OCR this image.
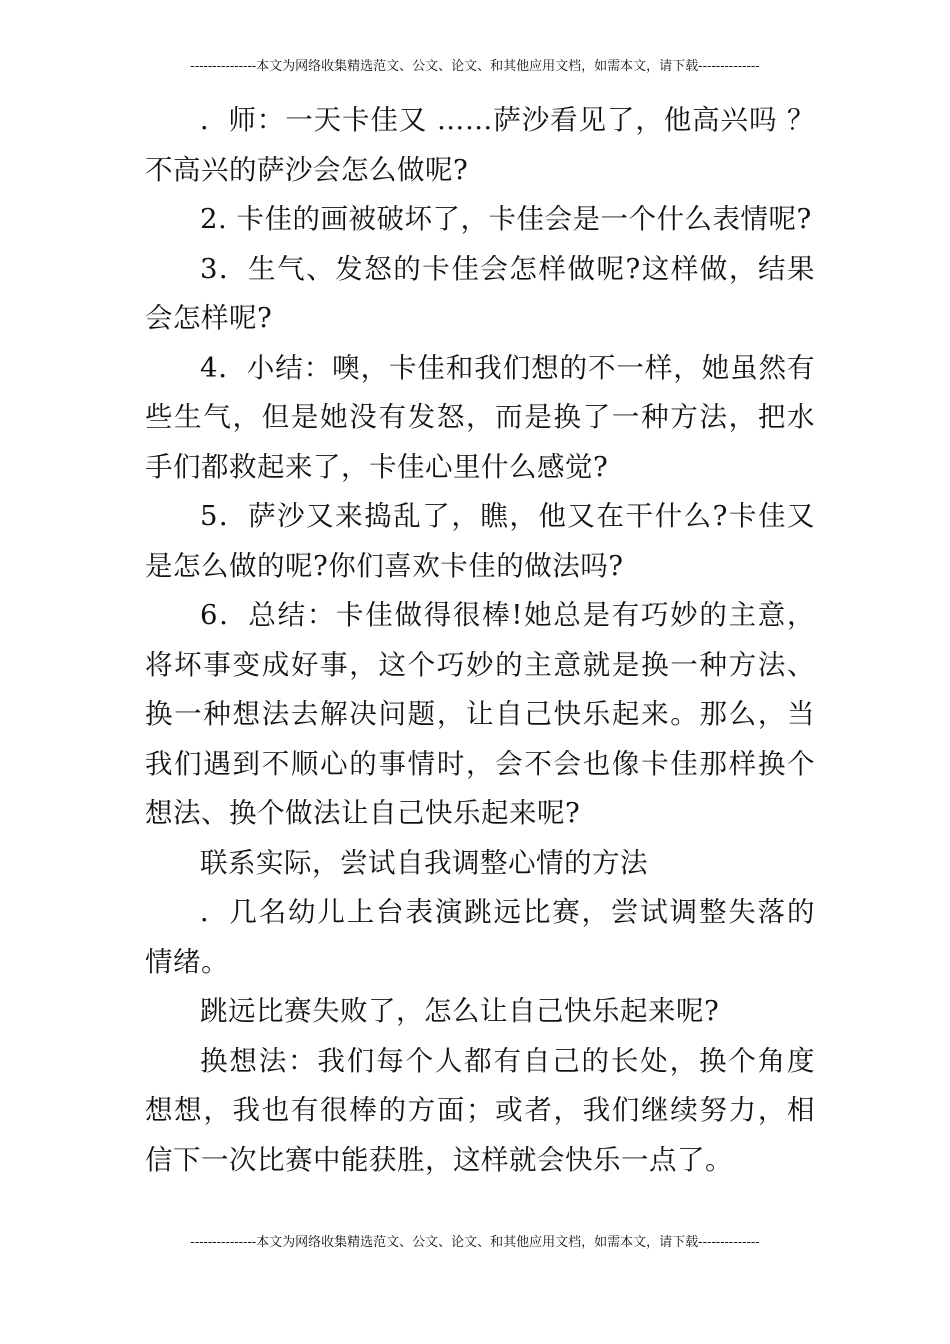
---------------本文为网络收集精选范文、公文、论文、和其他应用文档，如需本文，请下载--------------

．师：一天卡佳又 ……萨沙看见了，他高兴吗 ？不高兴的萨沙会怎么做呢?

2. 卡佳的画被破坏了，卡佳会是一个什么表情呢?

3．生气、发怒的卡佳会怎样做呢?这样做，结果会怎样呢?

4．小结：噢，卡佳和我们想的不一样，她虽然有些生气，但是她没有发怒，而是换了一种方法，把水手们都救起来了，卡佳心里什么感觉?

5．萨沙又来捣乱了，瞧，他又在干什么?卡佳又是怎么做的呢?你们喜欢卡佳的做法吗?

6．总结：卡佳做得很棒!她总是有巧妙的主意，将坏事变成好事，这个巧妙的主意就是换一种方法、换一种想法去解决问题，让自己快乐起来。那么，当我们遇到不顺心的事情时，会不会也像卡佳那样换个想法、换个做法让自己快乐起来呢?

联系实际，尝试自我调整心情的方法

．几名幼儿上台表演跳远比赛，尝试调整失落的情绪。

跳远比赛失败了，怎么让自己快乐起来呢?

换想法：我们每个人都有自己的长处，换个角度想想，我也有很棒的方面；或者，我们继续努力，相信下一次比赛中能获胜，这样就会快乐一点了。

---------------本文为网络收集精选范文、公文、论文、和其他应用文档，如需本文，请下载--------------
